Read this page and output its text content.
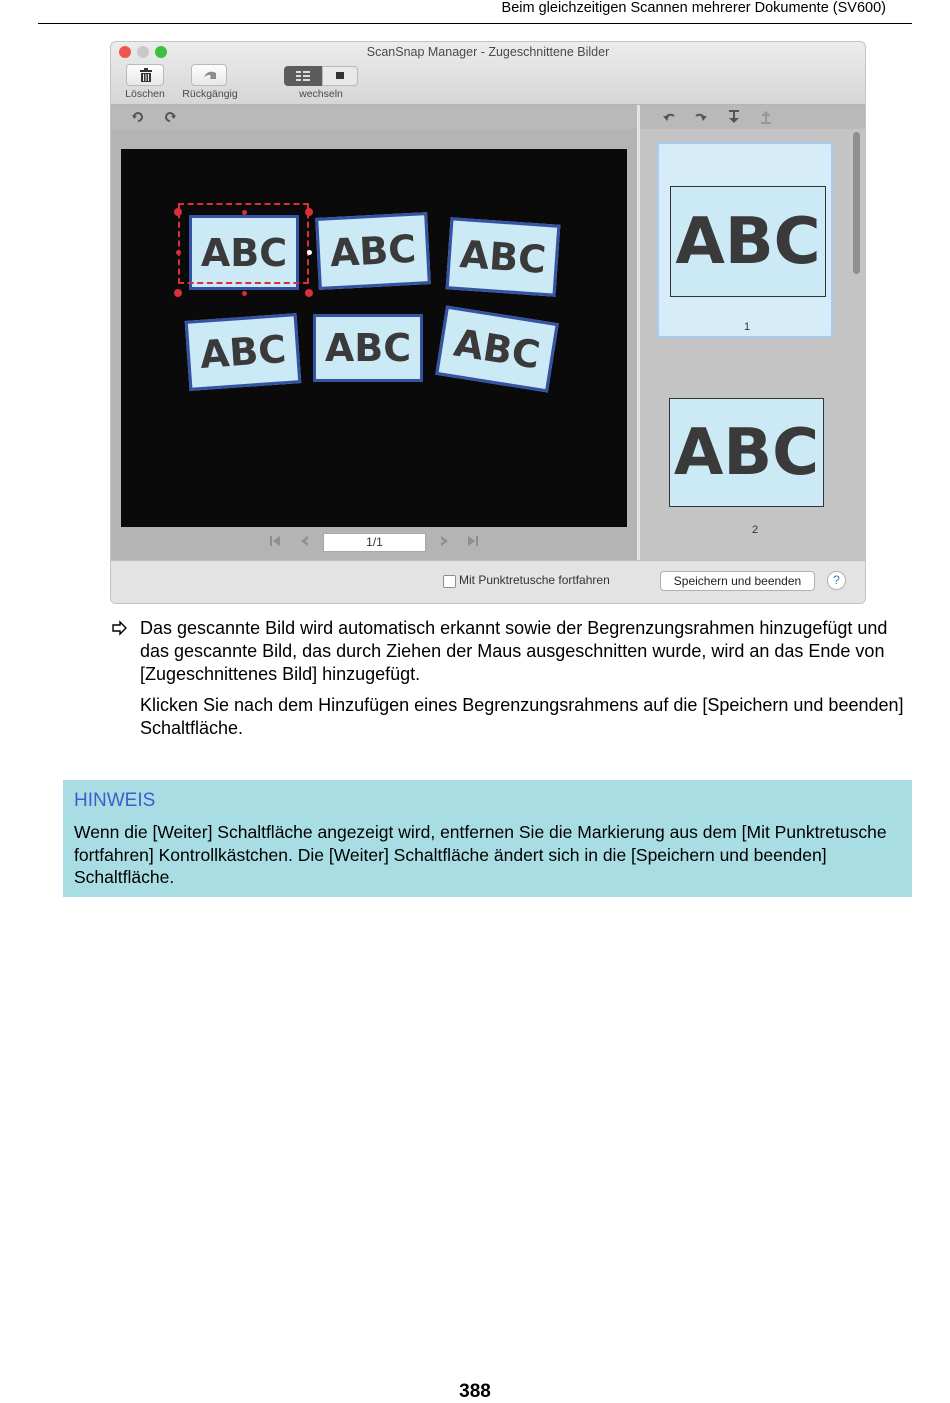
Beim gleichzeitigen Scannen mehrerer Dokumente (SV600)
ScanSnap Manager - Zugeschnittene Bilder
Löschen	Rückgängig	wechseln
ABC	ABC	ABC
ABC ABC	ABC
1/1
ABC
1
ABC
2
Mit Punktretusche fortfahren	Speichern und beenden	?
Das gescannte Bild wird automatisch erkannt sowie der Begrenzungsrahmen hinzugefügt und das gescannte Bild, das durch Ziehen der Maus ausgeschnitten wurde, wird an das Ende von [Zugeschnittenes Bild] hinzugefügt.
Klicken Sie nach dem Hinzufügen eines Begrenzungsrahmens auf die [Speichern und beenden] Schaltfläche.
HINWEIS
Wenn die [Weiter] Schaltfläche angezeigt wird, entfernen Sie die Markierung aus dem [Mit Punktretusche fortfahren] Kontrollkästchen. Die [Weiter] Schaltfläche ändert sich in die [Speichern und beenden] Schaltfläche.
388
